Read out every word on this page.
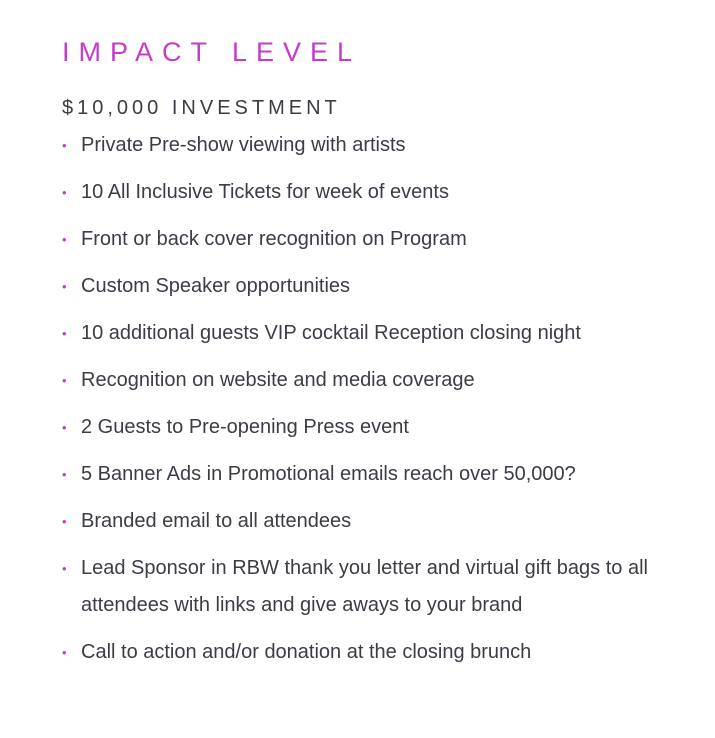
IMPACT LEVEL
$10,000 INVESTMENT
• Private Pre-show viewing with artists
• 10 All Inclusive Tickets for week of events
• Front or back cover recognition on Program
• Custom Speaker opportunities
• 10 additional guests VIP cocktail Reception closing night
• Recognition on website and media coverage
• 2 Guests to Pre-opening Press event
• 5 Banner Ads in Promotional emails reach over 50,000?
• Branded email to all attendees
• Lead Sponsor in RBW thank you letter and virtual gift bags to all attendees with links and give aways to your brand
• Call to action and/or donation at the closing brunch
